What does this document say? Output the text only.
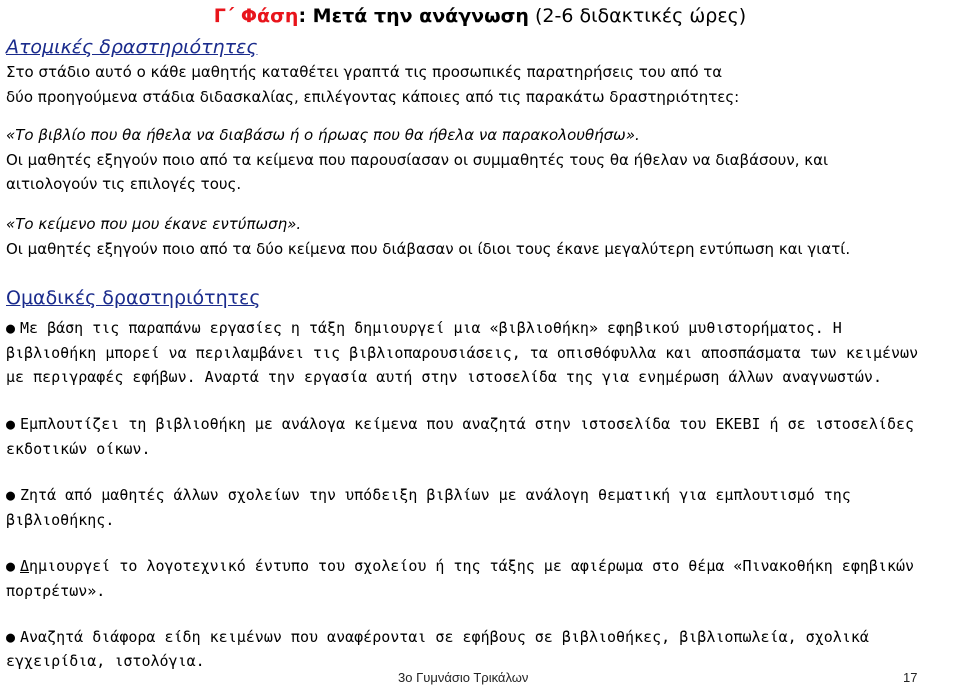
Γ΄ Φάση: Μετά την ανάγνωση (2-6 διδακτικές ώρες)
Ατομικές δραστηριότητες
Στο στάδιο αυτό ο κάθε μαθητής καταθέτει γραπτά τις προσωπικές παρατηρήσεις του από τα
δύο προηγούμενα στάδια διδασκαλίας, επιλέγοντας κάποιες από τις παρακάτω δραστηριότητες:
«Το βιβλίο που θα ήθελα να διαβάσω ή ο ήρωας που θα ήθελα να παρακολουθήσω».
Οι μαθητές εξηγούν ποιο από τα κείμενα που παρουσίασαν οι συμμαθητές τους θα ήθελαν να διαβάσουν, και
αιτιολογούν τις επιλογές τους.
«Το κείμενο που μου έκανε εντύπωση».
Οι μαθητές εξηγούν ποιο από τα δύο κείμενα που διάβασαν οι ίδιοι τους έκανε μεγαλύτερη εντύπωση και γιατί.
Ομαδικές δραστηριότητες
● Με βάση τις παραπάνω εργασίες η τάξη δημιουργεί μια «βιβλιοθήκη» εφηβικού μυθιστορήματος. Η
βιβλιοθήκη μπορεί να περιλαμβάνει τις βιβλιοπαρουσιάσεις, τα οπισθόφυλλα και αποσπάσματα των κειμένων
με περιγραφές εφήβων. Αναρτά την εργασία αυτή στην ιστοσελίδα της για ενημέρωση άλλων αναγνωστών.
● Εμπλουτίζει τη βιβλιοθήκη με ανάλογα κείμενα που αναζητά στην ιστοσελίδα του ΕΚΕΒΙ ή σε ιστοσελίδες
εκδοτικών οίκων.
● Ζητά από μαθητές άλλων σχολείων την υπόδειξη βιβλίων με ανάλογη θεματική για εμπλουτισμό της
βιβλιοθήκης.
● Δημιουργεί το λογοτεχνικό έντυπο του σχολείου ή της τάξης με αφιέρωμα στο θέμα «Πινακοθήκη εφηβικών
πορτρέτων».
● Αναζητά διάφορα είδη κειμένων που αναφέρονται σε εφήβους σε βιβλιοθήκες, βιβλιοπωλεία, σχολικά
εγχειρίδια, ιστολόγια.
3ο Γυμνάσιο Τρικάλων	17
